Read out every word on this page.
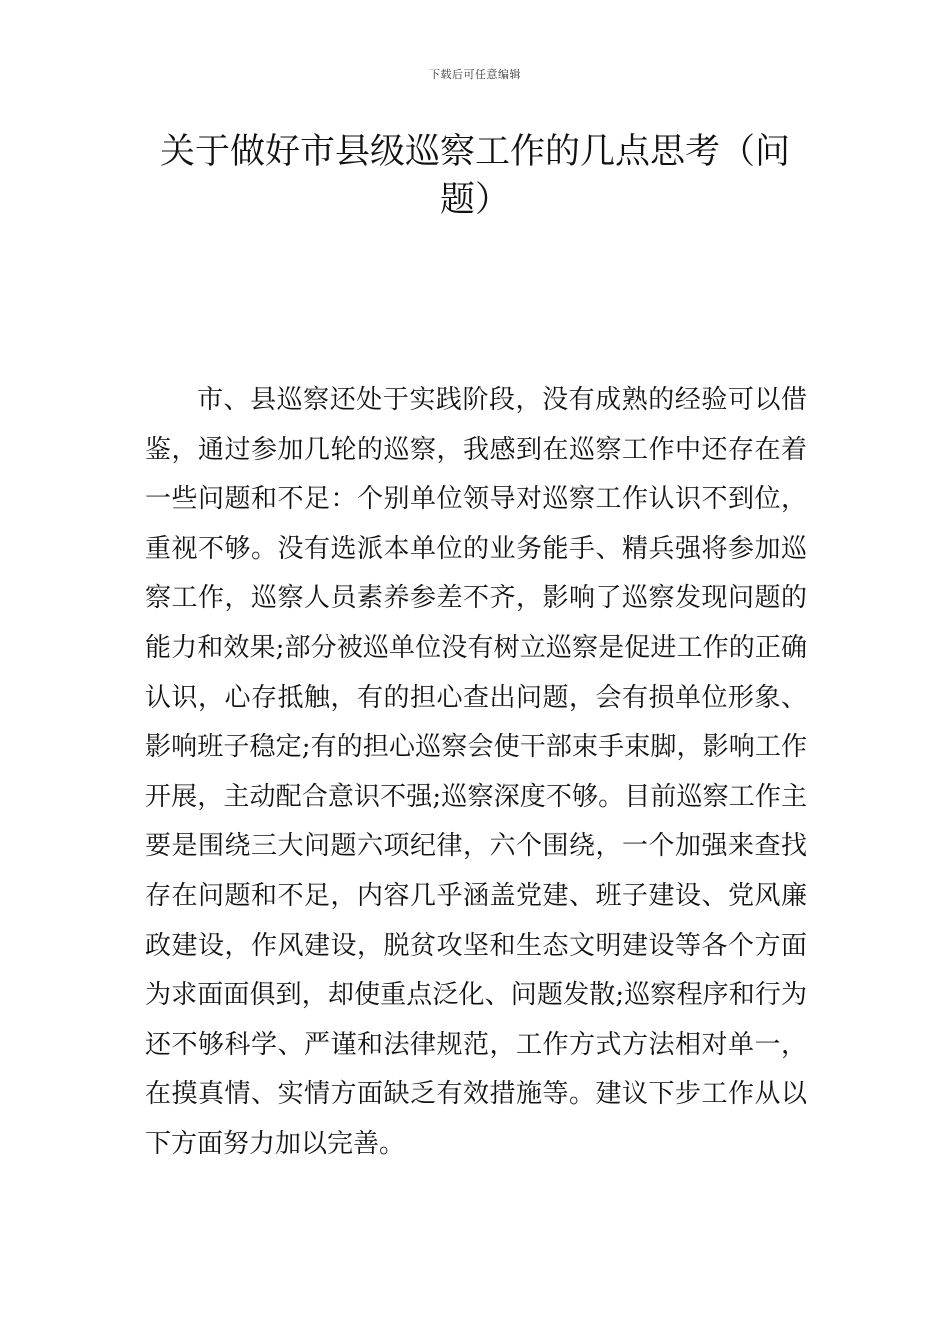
下载后可任意编辑
关于做好市县级巡察工作的几点思考（问题）

市、县巡察还处于实践阶段，没有成熟的经验可以借鉴，通过参加几轮的巡察，我感到在巡察工作中还存在着一些问题和不足：个别单位领导对巡察工作认识不到位，重视不够。没有选派本单位的业务能手、精兵强将参加巡察工作，巡察人员素养参差不齐，影响了巡察发现问题的能力和效果;部分被巡单位没有树立巡察是促进工作的正确认识，心存抵触，有的担心查出问题，会有损单位形象、影响班子稳定;有的担心巡察会使干部束手束脚，影响工作开展，主动配合意识不强;巡察深度不够。目前巡察工作主要是围绕三大问题六项纪律，六个围绕，一个加强来查找存在问题和不足，内容几乎涵盖党建、班子建设、党风廉政建设，作风建设，脱贫攻坚和生态文明建设等各个方面为求面面俱到，却使重点泛化、问题发散;巡察程序和行为还不够科学、严谨和法律规范，工作方式方法相对单一，在摸真情、实情方面缺乏有效措施等。建议下步工作从以下方面努力加以完善。
